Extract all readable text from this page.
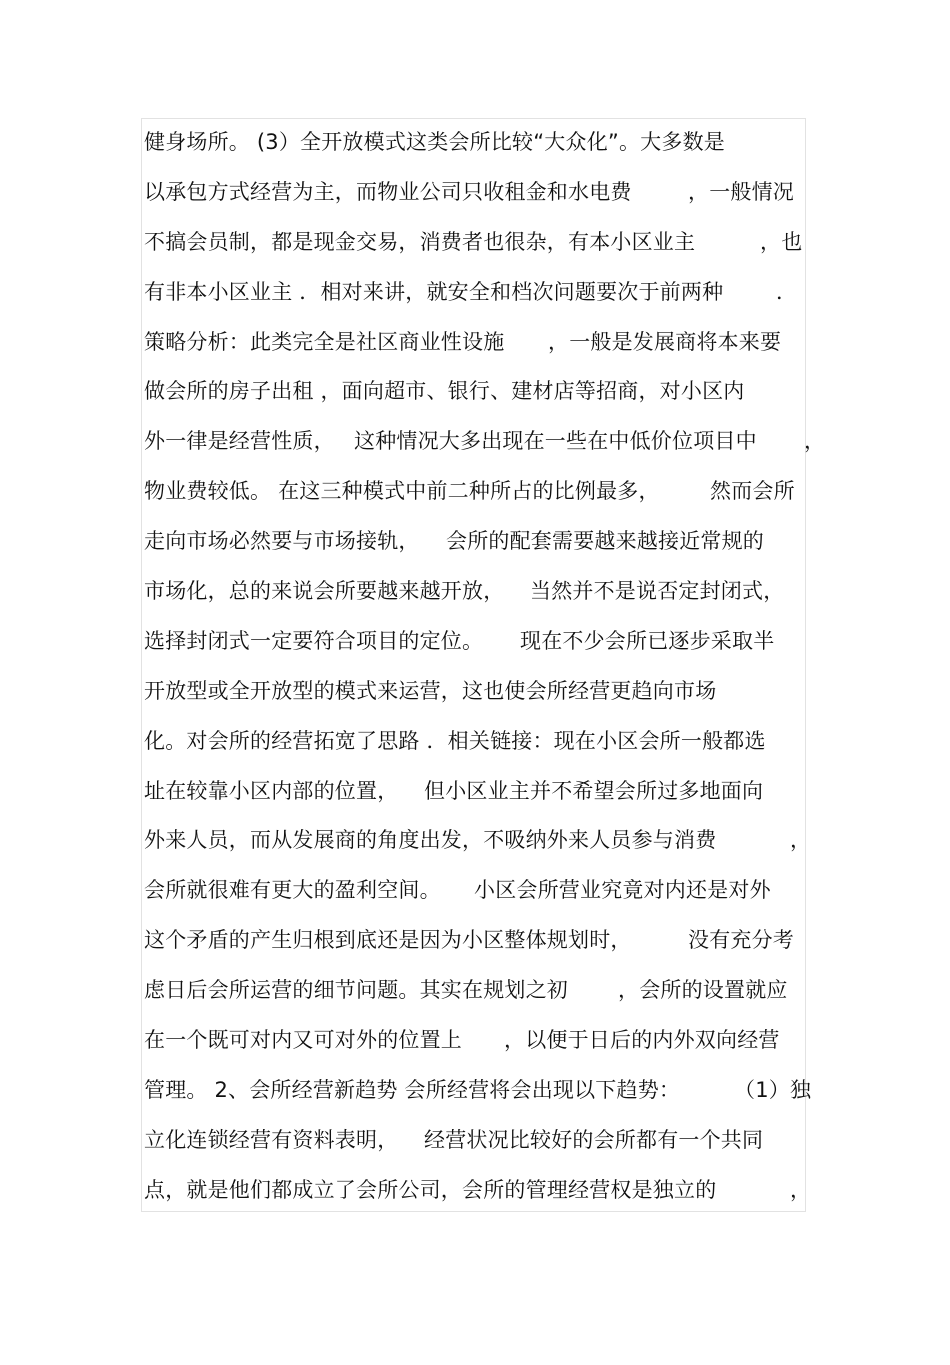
健身场所。 (3）全开放模式这类会所比较“大众化”。大多数是

以承包方式经营为主，而物业公司只收租金和水电费

	，一般情况

不搞会员制，都是现金交易，消费者也很杂，有本小区业主

	，也

有非本小区业主 ．相对来讲，就安全和档次问题要次于前两种

	．

策略分析：此类完全是社区商业性设施

，一般是发展商将本来要

做会所的房子出租 ，面向超市、银行、建材店等招商，对小区内

外一律是经营性质，

这种情况大多出现在一些在中低价位项目中

，

物业费较低。 在这三种模式中前二种所占的比例最多，

然而会所

走向市场必然要与市场接轨，

会所的配套需要越来越接近常规的

市场化，总的来说会所要越来越开放，

当然并不是说否定封闭式，

选择封闭式一定要符合项目的定位。

现在不少会所已逐步采取半

开放型或全开放型的模式来运营，这也使会所经营更趋向市场

化。对会所的经营拓宽了思路 ．相关链接：现在小区会所一般都选

址在较靠小区内部的位置，

但小区业主并不希望会所过多地面向

外来人员，而从发展商的角度出发，不吸纳外来人员参与消费

	，

会所就很难有更大的盈利空间。

小区会所营业究竟对内还是对外

这个矛盾的产生归根到底还是因为小区整体规划时，

	没有充分考

虑日后会所运营的细节问题。其实在规划之初

，会所的设置就应

在一个既可对内又可对外的位置上

，以便于日后的内外双向经营

管理。 2、会所经营新趋势 会所经营将会出现以下趋势：

	（1）独

立化连锁经营有资料表明，

经营状况比较好的会所都有一个共同

点，就是他们都成立了会所公司，会所的管理经营权是独立的

	，
